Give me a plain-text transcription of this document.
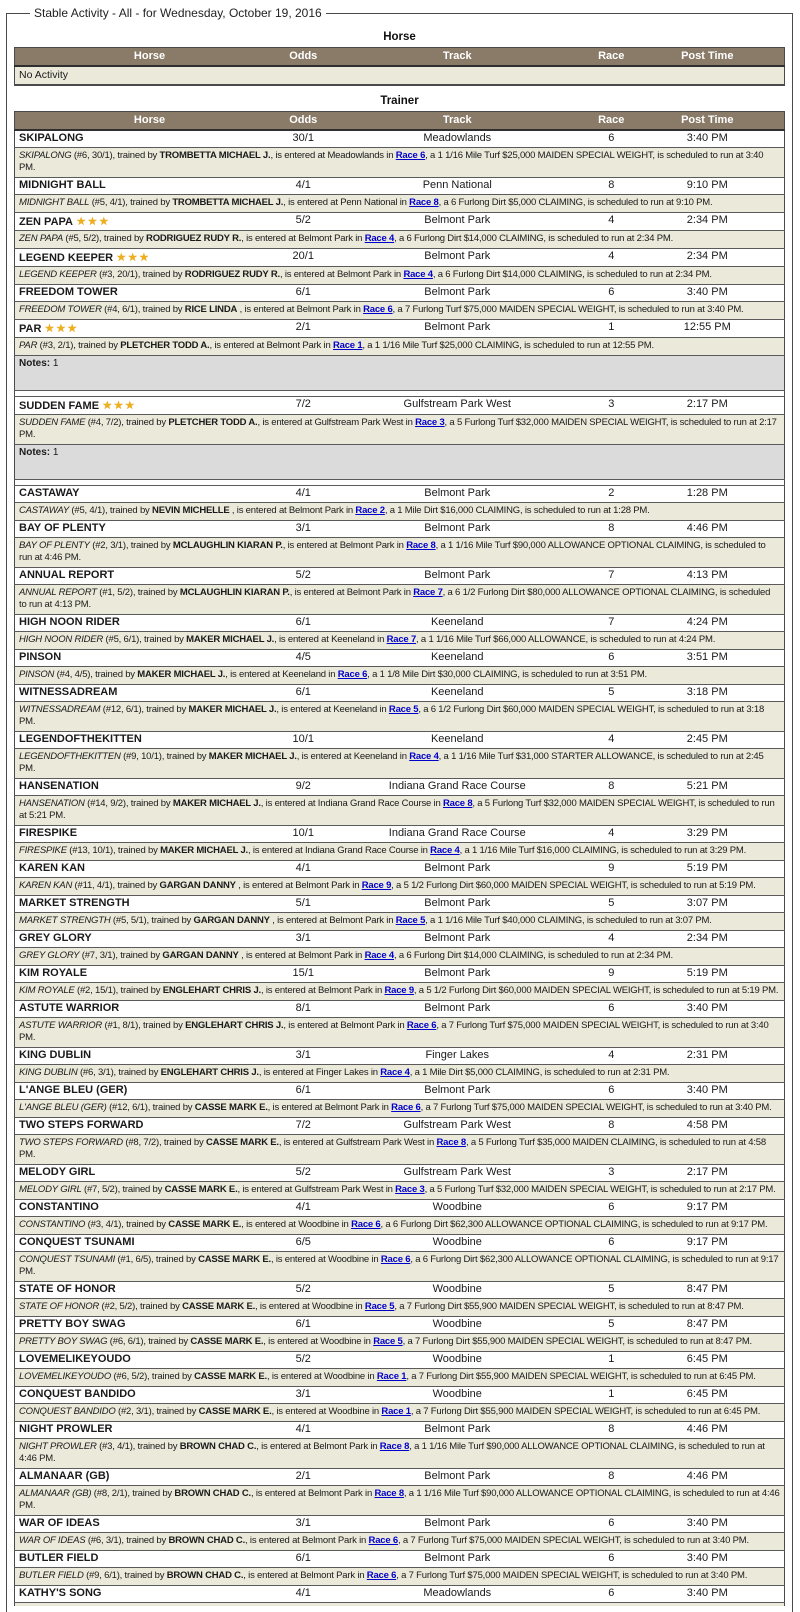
Stable Activity - All - for Wednesday, October 19, 2016
Horse
Horse	Odds	Track	Race	Post Time
No Activity
Trainer
Horse	Odds	Track	Race	Post Time
SKIPALONG	30/1	Meadowlands	6	3:40 PM
SKIPALONG (#6, 30/1), trained by TROMBETTA MICHAEL J., is entered at Meadowlands in Race 6, a 1 1/16 Mile Turf $25,000 MAIDEN SPECIAL WEIGHT, is scheduled to run at 3:40 PM.				
MIDNIGHT BALL	4/1	Penn National	8	9:10 PM
MIDNIGHT BALL (#5, 4/1), trained by TROMBETTA MICHAEL J., is entered at Penn National in Race 8, a 6 Furlong Dirt $5,000 CLAIMING, is scheduled to run at 9:10 PM.				
ZEN PAPA ★★★	5/2	Belmont Park	4	2:34 PM
ZEN PAPA (#5, 5/2), trained by RODRIGUEZ RUDY R., is entered at Belmont Park in Race 4, a 6 Furlong Dirt $14,000 CLAIMING, is scheduled to run at 2:34 PM.				
LEGEND KEEPER ★★★	20/1	Belmont Park	4	2:34 PM
LEGEND KEEPER (#3, 20/1), trained by RODRIGUEZ RUDY R., is entered at Belmont Park in Race 4, a 6 Furlong Dirt $14,000 CLAIMING, is scheduled to run at 2:34 PM.				
FREEDOM TOWER	6/1	Belmont Park	6	3:40 PM
FREEDOM TOWER (#4, 6/1), trained by RICE LINDA , is entered at Belmont Park in Race 6, a 7 Furlong Turf $75,000 MAIDEN SPECIAL WEIGHT, is scheduled to run at 3:40 PM.				
PAR ★★★	2/1	Belmont Park	1	12:55 PM
PAR (#3, 2/1), trained by PLETCHER TODD A., is entered at Belmont Park in Race 1, a 1 1/16 Mile Turf $25,000 CLAIMING, is scheduled to run at 12:55 PM.				
Notes: 1				

SUDDEN FAME ★★★	7/2	Gulfstream Park West	3	2:17 PM
SUDDEN FAME (#4, 7/2), trained by PLETCHER TODD A., is entered at Gulfstream Park West in Race 3, a 5 Furlong Turf $32,000 MAIDEN SPECIAL WEIGHT, is scheduled to run at 2:17 PM.				
Notes: 1				

CASTAWAY	4/1	Belmont Park	2	1:28 PM
CASTAWAY (#5, 4/1), trained by NEVIN MICHELLE , is entered at Belmont Park in Race 2, a 1 Mile Dirt $16,000 CLAIMING, is scheduled to run at 1:28 PM.				
BAY OF PLENTY	3/1	Belmont Park	8	4:46 PM
BAY OF PLENTY (#2, 3/1), trained by MCLAUGHLIN KIARAN P., is entered at Belmont Park in Race 8, a 1 1/16 Mile Turf $90,000 ALLOWANCE OPTIONAL CLAIMING, is scheduled to run at 4:46 PM.				
ANNUAL REPORT	5/2	Belmont Park	7	4:13 PM
ANNUAL REPORT (#1, 5/2), trained by MCLAUGHLIN KIARAN P., is entered at Belmont Park in Race 7, a 6 1/2 Furlong Dirt $80,000 ALLOWANCE OPTIONAL CLAIMING, is scheduled to run at 4:13 PM.				
HIGH NOON RIDER	6/1	Keeneland	7	4:24 PM
HIGH NOON RIDER (#5, 6/1), trained by MAKER MICHAEL J., is entered at Keeneland in Race 7, a 1 1/16 Mile Turf $66,000 ALLOWANCE, is scheduled to run at 4:24 PM.				
PINSON	4/5	Keeneland	6	3:51 PM
PINSON (#4, 4/5), trained by MAKER MICHAEL J., is entered at Keeneland in Race 6, a 1 1/8 Mile Dirt $30,000 CLAIMING, is scheduled to run at 3:51 PM.				
WITNESSADREAM	6/1	Keeneland	5	3:18 PM
WITNESSADREAM (#12, 6/1), trained by MAKER MICHAEL J., is entered at Keeneland in Race 5, a 6 1/2 Furlong Dirt $60,000 MAIDEN SPECIAL WEIGHT, is scheduled to run at 3:18 PM.				
LEGENDOFTHEKITTEN	10/1	Keeneland	4	2:45 PM
LEGENDOFTHEKITTEN (#9, 10/1), trained by MAKER MICHAEL J., is entered at Keeneland in Race 4, a 1 1/16 Mile Turf $31,000 STARTER ALLOWANCE, is scheduled to run at 2:45 PM.				
HANSENATION	9/2	Indiana Grand Race Course	8	5:21 PM
HANSENATION (#14, 9/2), trained by MAKER MICHAEL J., is entered at Indiana Grand Race Course in Race 8, a 5 Furlong Turf $32,000 MAIDEN SPECIAL WEIGHT, is scheduled to run at 5:21 PM.				
FIRESPIKE	10/1	Indiana Grand Race Course	4	3:29 PM
FIRESPIKE (#13, 10/1), trained by MAKER MICHAEL J., is entered at Indiana Grand Race Course in Race 4, a 1 1/16 Mile Turf $16,000 CLAIMING, is scheduled to run at 3:29 PM.				
KAREN KAN	4/1	Belmont Park	9	5:19 PM
KAREN KAN (#11, 4/1), trained by GARGAN DANNY , is entered at Belmont Park in Race 9, a 5 1/2 Furlong Dirt $60,000 MAIDEN SPECIAL WEIGHT, is scheduled to run at 5:19 PM.				
MARKET STRENGTH	5/1	Belmont Park	5	3:07 PM
MARKET STRENGTH (#5, 5/1), trained by GARGAN DANNY , is entered at Belmont Park in Race 5, a 1 1/16 Mile Turf $40,000 CLAIMING, is scheduled to run at 3:07 PM.				
GREY GLORY	3/1	Belmont Park	4	2:34 PM
GREY GLORY (#7, 3/1), trained by GARGAN DANNY , is entered at Belmont Park in Race 4, a 6 Furlong Dirt $14,000 CLAIMING, is scheduled to run at 2:34 PM.				
KIM ROYALE	15/1	Belmont Park	9	5:19 PM
KIM ROYALE (#2, 15/1), trained by ENGLEHART CHRIS J., is entered at Belmont Park in Race 9, a 5 1/2 Furlong Dirt $60,000 MAIDEN SPECIAL WEIGHT, is scheduled to run at 5:19 PM.				
ASTUTE WARRIOR	8/1	Belmont Park	6	3:40 PM
ASTUTE WARRIOR (#1, 8/1), trained by ENGLEHART CHRIS J., is entered at Belmont Park in Race 6, a 7 Furlong Turf $75,000 MAIDEN SPECIAL WEIGHT, is scheduled to run at 3:40 PM.				
KING DUBLIN	3/1	Finger Lakes	4	2:31 PM
KING DUBLIN (#6, 3/1), trained by ENGLEHART CHRIS J., is entered at Finger Lakes in Race 4, a 1 Mile Dirt $5,000 CLAIMING, is scheduled to run at 2:31 PM.				
L'ANGE BLEU (GER)	6/1	Belmont Park	6	3:40 PM
L'ANGE BLEU (GER) (#12, 6/1), trained by CASSE MARK E., is entered at Belmont Park in Race 6, a 7 Furlong Turf $75,000 MAIDEN SPECIAL WEIGHT, is scheduled to run at 3:40 PM.				
TWO STEPS FORWARD	7/2	Gulfstream Park West	8	4:58 PM
TWO STEPS FORWARD (#8, 7/2), trained by CASSE MARK E., is entered at Gulfstream Park West in Race 8, a 5 Furlong Turf $35,000 MAIDEN CLAIMING, is scheduled to run at 4:58 PM.				
MELODY GIRL	5/2	Gulfstream Park West	3	2:17 PM
MELODY GIRL (#7, 5/2), trained by CASSE MARK E., is entered at Gulfstream Park West in Race 3, a 5 Furlong Turf $32,000 MAIDEN SPECIAL WEIGHT, is scheduled to run at 2:17 PM.				
CONSTANTINO	4/1	Woodbine	6	9:17 PM
CONSTANTINO (#3, 4/1), trained by CASSE MARK E., is entered at Woodbine in Race 6, a 6 Furlong Dirt $62,300 ALLOWANCE OPTIONAL CLAIMING, is scheduled to run at 9:17 PM.				
CONQUEST TSUNAMI	6/5	Woodbine	6	9:17 PM
CONQUEST TSUNAMI (#1, 6/5), trained by CASSE MARK E., is entered at Woodbine in Race 6, a 6 Furlong Dirt $62,300 ALLOWANCE OPTIONAL CLAIMING, is scheduled to run at 9:17 PM.				
STATE OF HONOR	5/2	Woodbine	5	8:47 PM
STATE OF HONOR (#2, 5/2), trained by CASSE MARK E., is entered at Woodbine in Race 5, a 7 Furlong Dirt $55,900 MAIDEN SPECIAL WEIGHT, is scheduled to run at 8:47 PM.				
PRETTY BOY SWAG	6/1	Woodbine	5	8:47 PM
PRETTY BOY SWAG (#6, 6/1), trained by CASSE MARK E., is entered at Woodbine in Race 5, a 7 Furlong Dirt $55,900 MAIDEN SPECIAL WEIGHT, is scheduled to run at 8:47 PM.				
LOVEMELIKEYOUDO	5/2	Woodbine	1	6:45 PM
LOVEMELIKEYOUDO (#6, 5/2), trained by CASSE MARK E., is entered at Woodbine in Race 1, a 7 Furlong Dirt $55,900 MAIDEN SPECIAL WEIGHT, is scheduled to run at 6:45 PM.				
CONQUEST BANDIDO	3/1	Woodbine	1	6:45 PM
CONQUEST BANDIDO (#2, 3/1), trained by CASSE MARK E., is entered at Woodbine in Race 1, a 7 Furlong Dirt $55,900 MAIDEN SPECIAL WEIGHT, is scheduled to run at 6:45 PM.				
NIGHT PROWLER	4/1	Belmont Park	8	4:46 PM
NIGHT PROWLER (#3, 4/1), trained by BROWN CHAD C., is entered at Belmont Park in Race 8, a 1 1/16 Mile Turf $90,000 ALLOWANCE OPTIONAL CLAIMING, is scheduled to run at 4:46 PM.				
ALMANAAR (GB)	2/1	Belmont Park	8	4:46 PM
ALMANAAR (GB) (#8, 2/1), trained by BROWN CHAD C., is entered at Belmont Park in Race 8, a 1 1/16 Mile Turf $90,000 ALLOWANCE OPTIONAL CLAIMING, is scheduled to run at 4:46 PM.				
WAR OF IDEAS	3/1	Belmont Park	6	3:40 PM
WAR OF IDEAS (#6, 3/1), trained by BROWN CHAD C., is entered at Belmont Park in Race 6, a 7 Furlong Turf $75,000 MAIDEN SPECIAL WEIGHT, is scheduled to run at 3:40 PM.				
BUTLER FIELD	6/1	Belmont Park	6	3:40 PM
BUTLER FIELD (#9, 6/1), trained by BROWN CHAD C., is entered at Belmont Park in Race 6, a 7 Furlong Turf $75,000 MAIDEN SPECIAL WEIGHT, is scheduled to run at 3:40 PM.				
KATHY'S SONG	4/1	Meadowlands	6	3:40 PM
